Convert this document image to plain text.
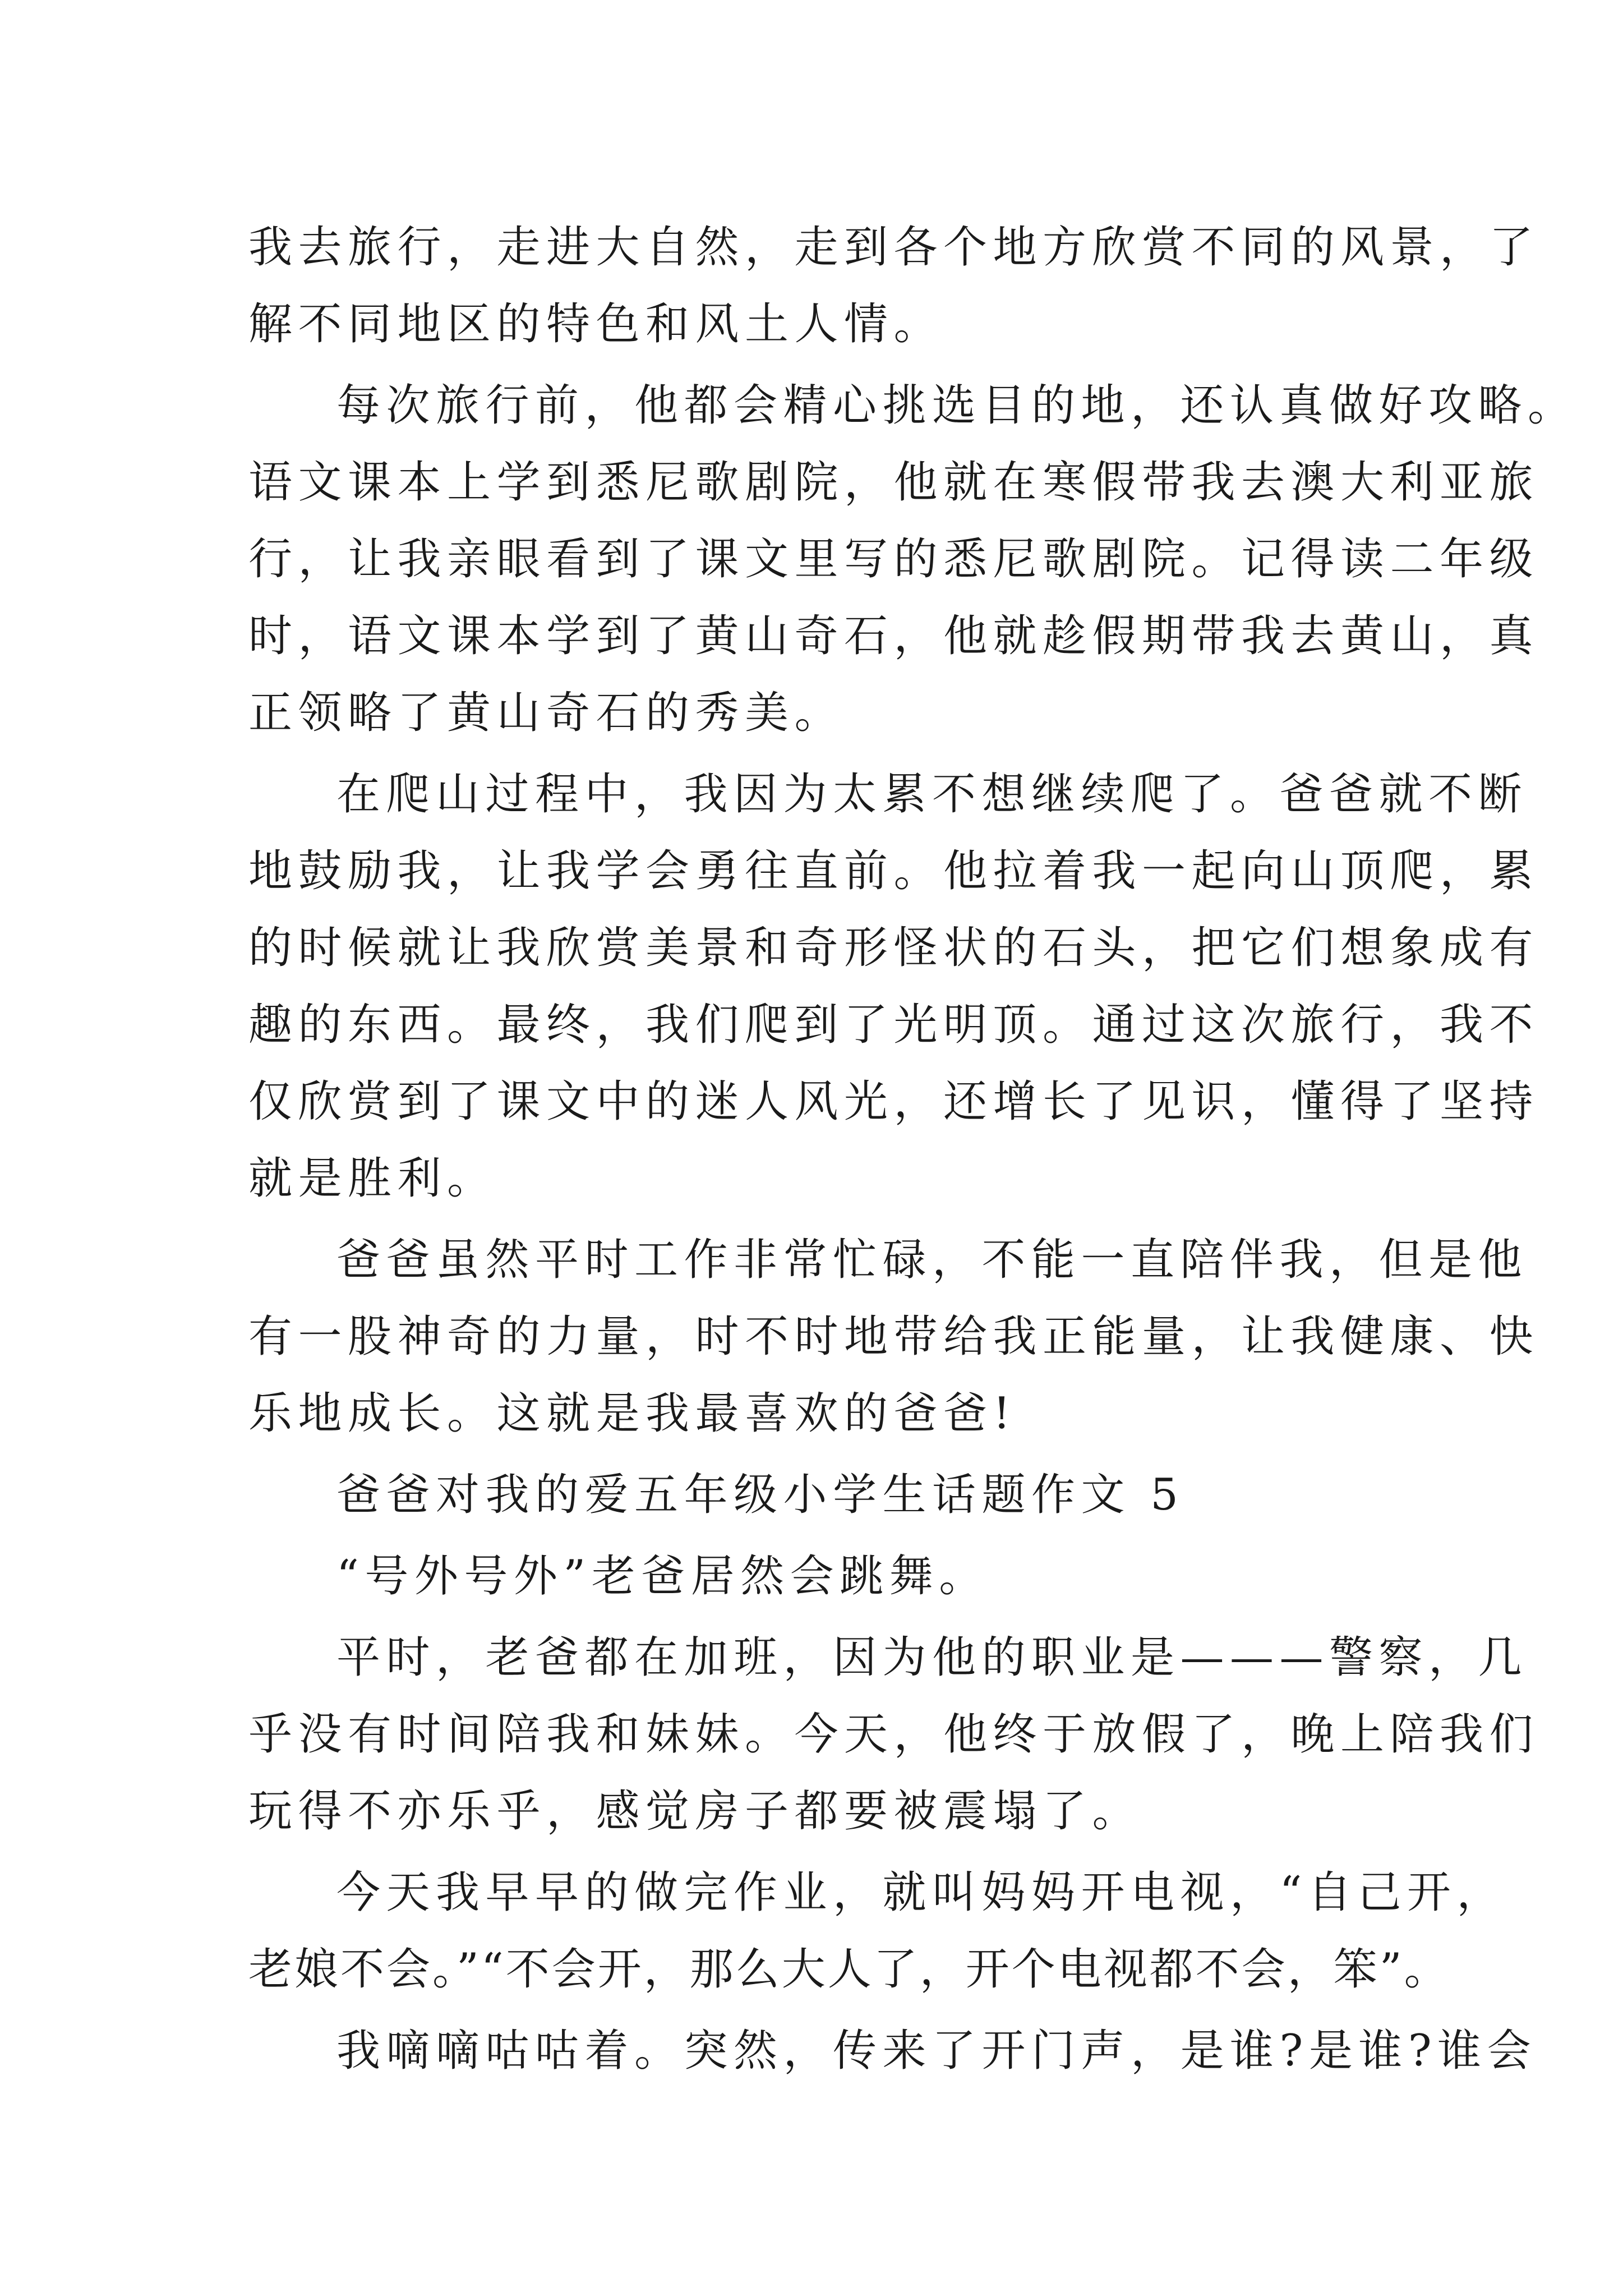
我去旅行，走进大自然，走到各个地方欣赏不同的风景，了
解不同地区的特色和风土人情。
每次旅行前，他都会精心挑选目的地，还认真做好攻略。
语文课本上学到悉尼歌剧院，他就在寒假带我去澳大利亚旅
行，让我亲眼看到了课文里写的悉尼歌剧院。记得读二年级
时，语文课本学到了黄山奇石，他就趁假期带我去黄山，真
正领略了黄山奇石的秀美。
在爬山过程中，我因为太累不想继续爬了。爸爸就不断
地鼓励我，让我学会勇往直前。他拉着我一起向山顶爬，累
的时候就让我欣赏美景和奇形怪状的石头，把它们想象成有
趣的东西。最终，我们爬到了光明顶。通过这次旅行，我不
仅欣赏到了课文中的迷人风光，还增长了见识，懂得了坚持
就是胜利。
爸爸虽然平时工作非常忙碌，不能一直陪伴我，但是他
有一股神奇的力量，时不时地带给我正能量，让我健康、快
乐地成长。这就是我最喜欢的爸爸!
爸爸对我的爱五年级小学生话题作文 5
“号外号外”老爸居然会跳舞。
平时，老爸都在加班，因为他的职业是———警察，几
乎没有时间陪我和妹妹。今天，他终于放假了，晚上陪我们
玩得不亦乐乎，感觉房子都要被震塌了。
今天我早早的做完作业，就叫妈妈开电视，“自己开，
老娘不会。”“不会开，那么大人了，开个电视都不会，笨”。
我嘀嘀咕咕着。突然，传来了开门声，是谁?是谁?谁会
